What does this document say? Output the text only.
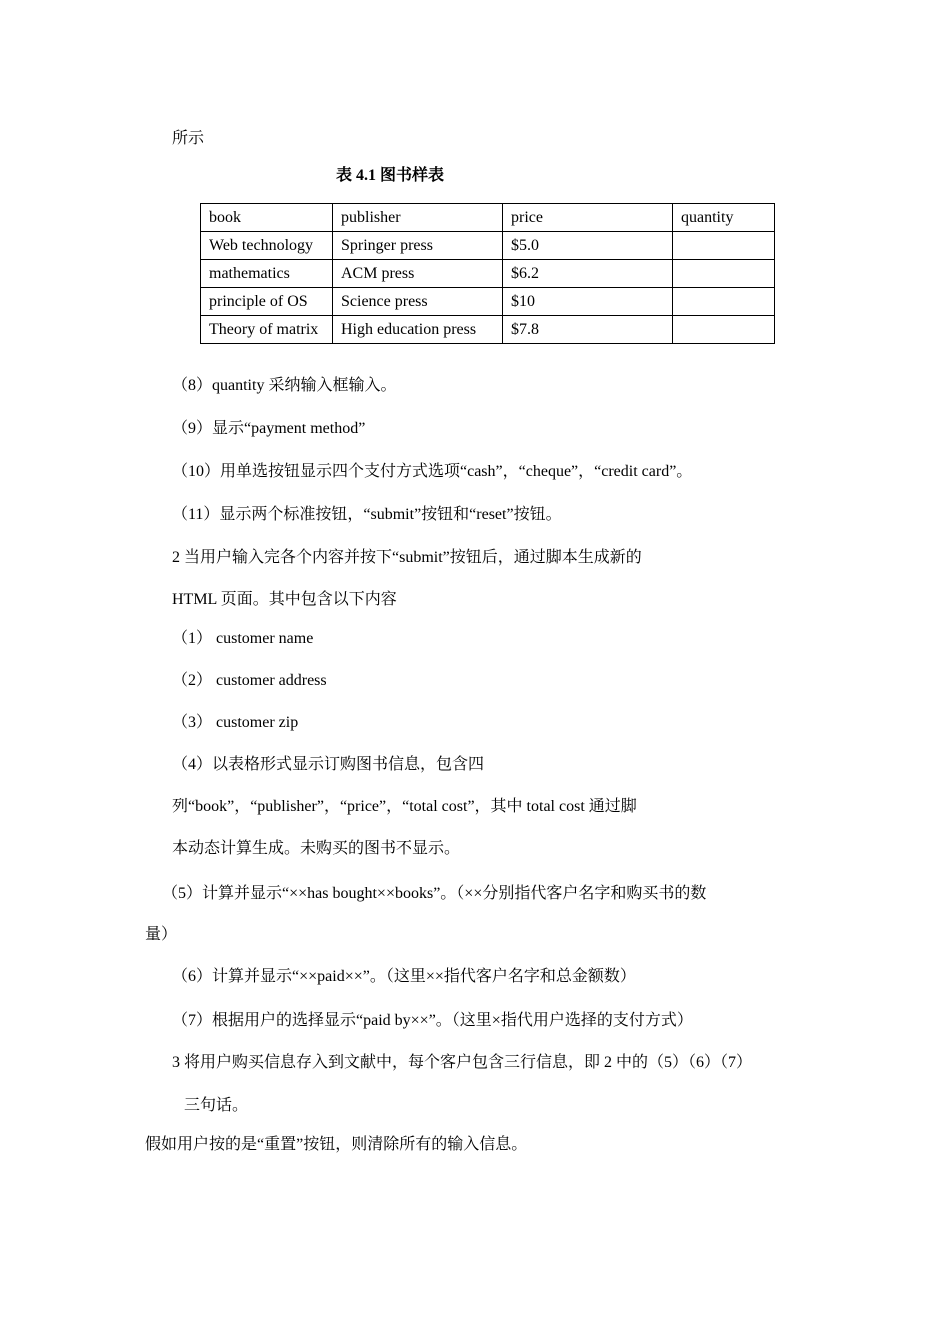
所示
表 4.1 图书样表
book	publisher	price	quantity
Web technology	Springer press	$5.0	
mathematics	ACM press	$6.2	
principle of OS	Science press	$10	
Theory of matrix	High education press	$7.8	
（8）quantity 采纳输入框输入。
（9）显示“payment method”
（10）用单选按钮显示四个支付方式选项“cash”，“cheque”，“credit card”。
（11）显示两个标准按钮，“submit”按钮和“reset”按钮。
2 当用户输入完各个内容并按下“submit”按钮后，通过脚本生成新的
HTML 页面。其中包含以下内容
（1） customer name
（2） customer address
（3） customer zip
（4）以表格形式显示订购图书信息，包含四
列“book”，“publisher”，“price”，“total cost”，其中 total cost 通过脚
本动态计算生成。未购买的图书不显示。
（5）计算并显示“××has bought××books”。（××分别指代客户名字和购买书的数
量）
（6）计算并显示“××paid××”。（这里××指代客户名字和总金额数）
（7）根据用户的选择显示“paid by××”。（这里×指代用户选择的支付方式）
3 将用户购买信息存入到文献中，每个客户包含三行信息，即 2 中的（5）（6）（7）
三句话。
假如用户按的是“重置”按钮，则清除所有的输入信息。
